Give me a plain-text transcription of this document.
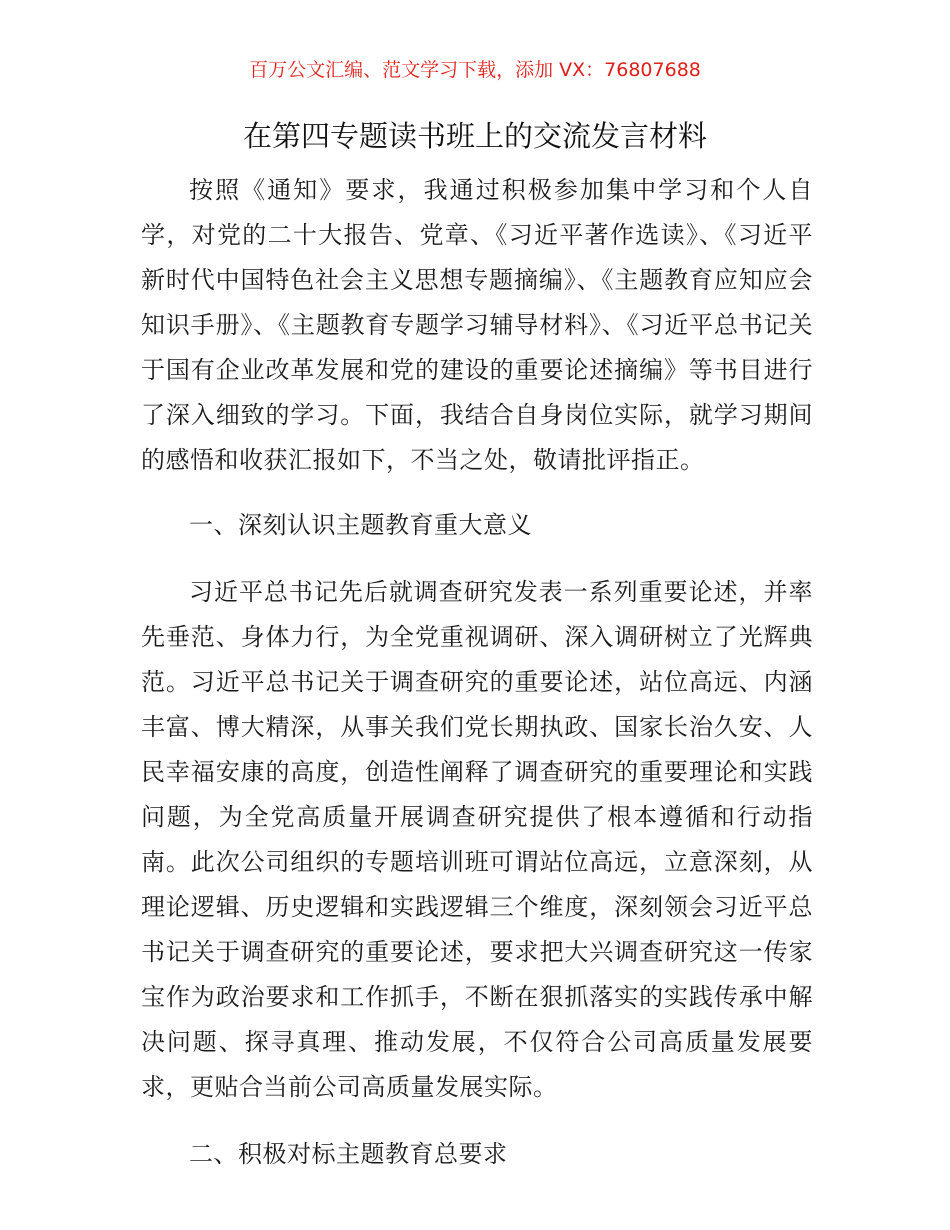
百万公文汇编、范文学习下载，添加 VX：76807688
在第四专题读书班上的交流发言材料

按照《通知》要求，我通过积极参加集中学习和个人自学，对党的二十大报告、党章、《习近平著作选读》、《习近平新时代中国特色社会主义思想专题摘编》、《主题教育应知应会知识手册》、《主题教育专题学习辅导材料》、《习近平总书记关于国有企业改革发展和党的建设的重要论述摘编》等书目进行了深入细致的学习。下面，我结合自身岗位实际，就学习期间的感悟和收获汇报如下，不当之处，敬请批评指正。

一、深刻认识主题教育重大意义

习近平总书记先后就调查研究发表一系列重要论述，并率先垂范、身体力行，为全党重视调研、深入调研树立了光辉典范。习近平总书记关于调查研究的重要论述，站位高远、内涵丰富、博大精深，从事关我们党长期执政、国家长治久安、人民幸福安康的高度，创造性阐释了调查研究的重要理论和实践问题，为全党高质量开展调查研究提供了根本遵循和行动指南。此次公司组织的专题培训班可谓站位高远，立意深刻，从理论逻辑、历史逻辑和实践逻辑三个维度，深刻领会习近平总书记关于调查研究的重要论述，要求把大兴调查研究这一传家宝作为政治要求和工作抓手，不断在狠抓落实的实践传承中解决问题、探寻真理、推动发展，不仅符合公司高质量发展要求，更贴合当前公司高质量发展实际。

二、积极对标主题教育总要求
